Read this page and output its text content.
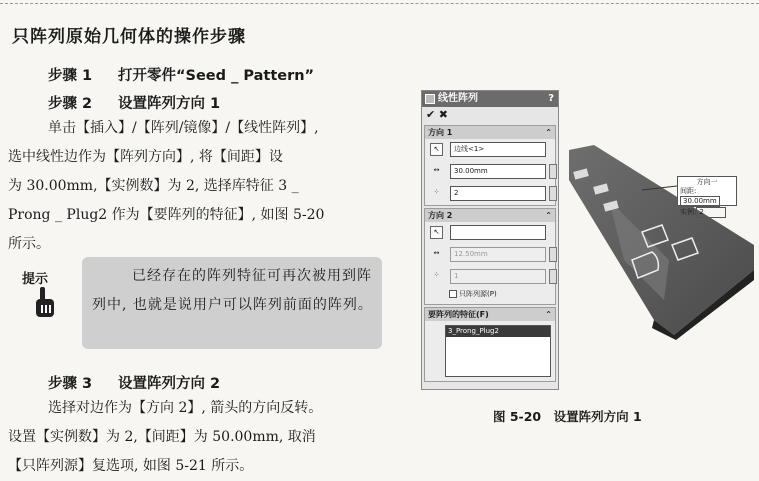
只阵列原始几何体的操作步骤
步骤 1 打开零件“Seed _ Pattern”
步骤 2 设置阵列方向 1
单击【插入】/【阵列/镜像】/【线性阵列】,
选中线性边作为【阵列方向】, 将【间距】设
为 30.00mm,【实例数】为 2, 选择库特征 3 _
Prong _ Plug2 作为【要阵列的特征】, 如图 5-20
所示。
提示	已经存在的阵列特征可再次被用到阵列中, 也就是说用户可以阵列前面的阵列。
步骤 3 设置阵列方向 2
选择对边作为【方向 2】, 箭头的方向反转。
设置【实例数】为 2,【间距】为 50.00mm, 取消
【只阵列源】复选项, 如图 5-21 所示。
线性阵列	?
✔ ✖
方向 1	⌃
↖	边线<1>
↔	30.00mm
⁘	2
方向 2	⌃
↖
↔	12.50mm
⁘	1
只阵列源(P)
要阵列的特征(F)	⌃
3_Prong_Plug2
方向一
间距:30.00mm
实例: 2
图 5-20　设置阵列方向 1
